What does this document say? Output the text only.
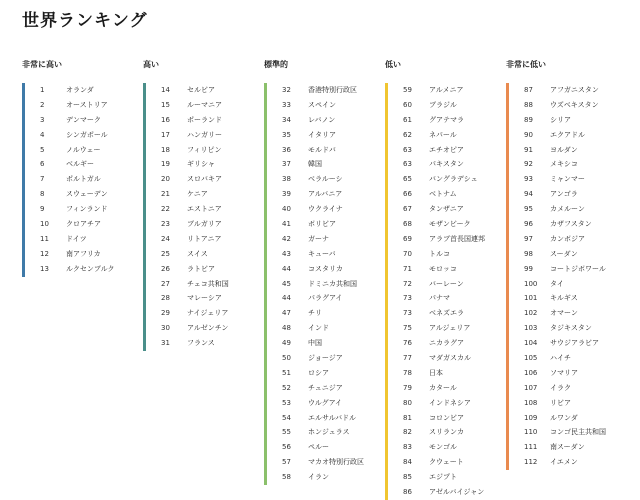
世界ランキング
非常に高い
1	オランダ
2	オーストリア
3	デンマーク
4	シンガポール
5	ノルウェー
6	ベルギー
7	ポルトガル
8	スウェーデン
9	フィンランド
10	クロアチア
11	ドイツ
12	南アフリカ
13	ルクセンブルク
高い
14	セルビア
15	ルーマニア
16	ポーランド
17	ハンガリー
18	フィリピン
19	ギリシャ
20	スロバキア
21	ケニア
22	エストニア
23	ブルガリア
24	リトアニア
25	スイス
26	ラトビア
27	チェコ共和国
28	マレーシア
29	ナイジェリア
30	アルゼンチン
31	フランス
標準的
32	香港特別行政区
33	スペイン
34	レバノン
35	イタリア
36	モルドバ
37	韓国
38	ベラルーシ
39	アルバニア
40	ウクライナ
41	ボリビア
42	ガーナ
43	キューバ
44	コスタリカ
45	ドミニカ共和国
44	パラグアイ
47	チリ
48	インド
49	中国
50	ジョージア
51	ロシア
52	チュニジア
53	ウルグアイ
54	エルサルバドル
55	ホンジュラス
56	ペルー
57	マカオ特別行政区
58	イラン
低い
59	アルメニア
60	ブラジル
61	グアテマラ
62	ネパール
63	エチオピア
63	パキスタン
65	バングラデシュ
66	ベトナム
67	タンザニア
68	モザンビーク
69	アラブ首長国連邦
70	トルコ
71	モロッコ
72	バーレーン
73	パナマ
73	ベネズエラ
75	アルジェリア
76	ニカラグア
77	マダガスカル
78	日本
79	カタール
80	インドネシア
81	コロンビア
82	スリランカ
83	モンゴル
84	クウェート
85	エジプト
86	アゼルバイジャン
非常に低い
87	アフガニスタン
88	ウズベキスタン
89	シリア
90	エクアドル
91	ヨルダン
92	メキシコ
93	ミャンマー
94	アンゴラ
95	カメルーン
96	カザフスタン
97	カンボジア
98	スーダン
99	コートジボワール
100	タイ
101	キルギス
102	オマーン
103	タジキスタン
104	サウジアラビア
105	ハイチ
106	ソマリア
107	イラク
108	リビア
109	ルワンダ
110	コンゴ民主共和国
111	南スーダン
112	イエメン
